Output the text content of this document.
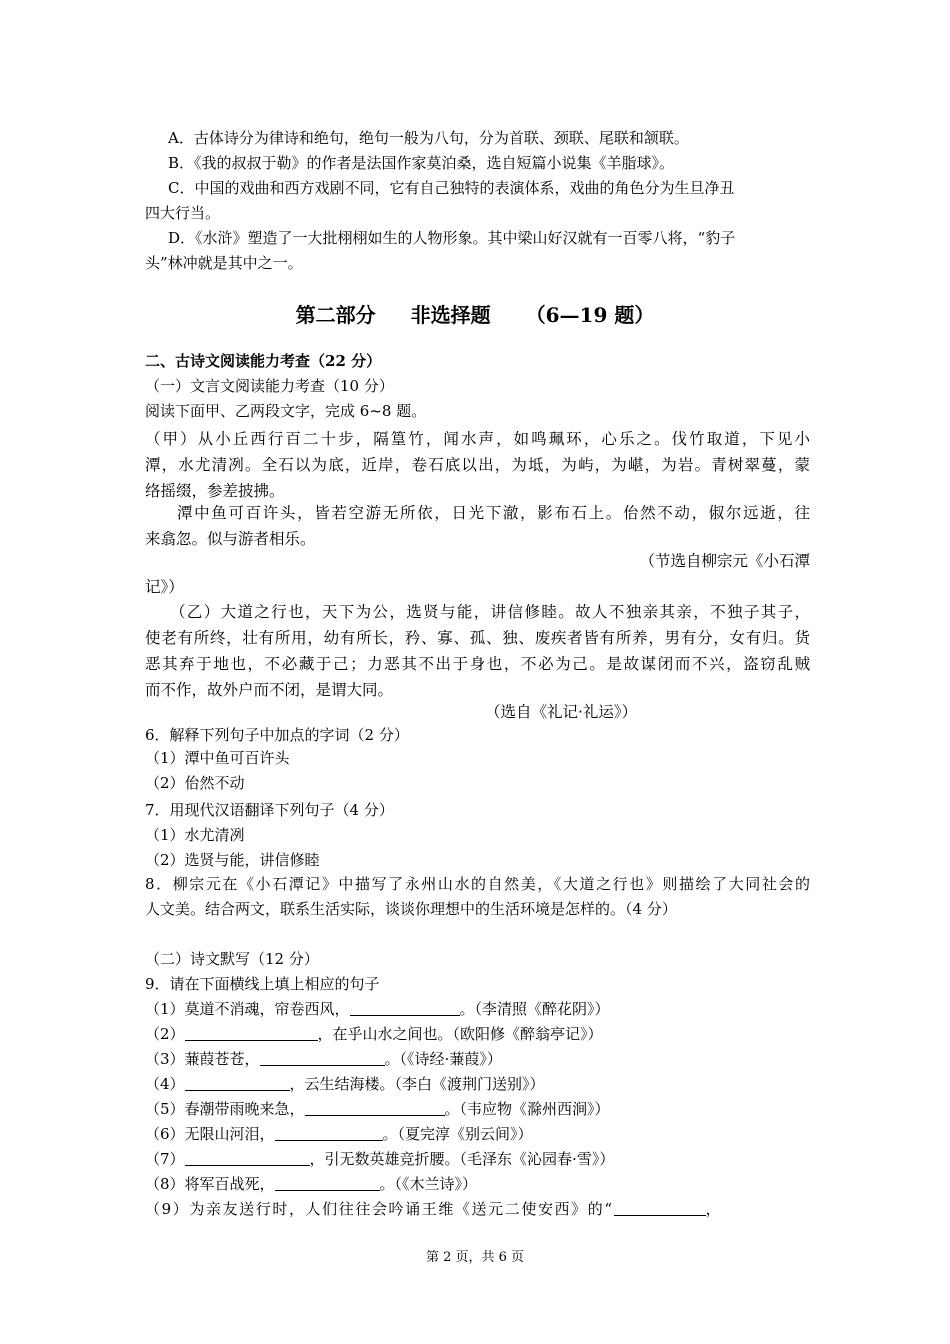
A．古体诗分为律诗和绝句，绝句一般为八句，分为首联、颈联、尾联和颔联。
B．《我的叔叔于勒》的作者是法国作家莫泊桑，选自短篇小说集《羊脂球》。
C．中国的戏曲和西方戏剧不同，它有自己独特的表演体系，戏曲的角色分为生旦净丑
四大行当。
D．《水浒》塑造了一大批栩栩如生的人物形象。其中梁山好汉就有一百零八将，“豹子
头”林冲就是其中之一。
第二部分 非选择题 （6—19 题）
二、古诗文阅读能力考查（22 分）
（一）文言文阅读能力考查（10 分）
阅读下面甲、乙两段文字，完成 6~8 题。
（甲）从小丘西行百二十步，隔篁竹，闻水声，如鸣珮环，心乐之。伐竹取道，下见小
潭，水尤清冽。全石以为底，近岸，卷石底以出，为坻，为屿，为嵁，为岩。青树翠蔓，蒙
络摇缀，参差披拂。
潭中鱼可百许头，皆若空游无所依，日光下澈，影布石上。佁然不动，俶尔远逝，往
来翕忽。似与游者相乐。
（节选自柳宗元《小石潭
记》）
（乙）大道之行也，天下为公，选贤与能，讲信修睦。故人不独亲其亲，不独子其子，
使老有所终，壮有所用，幼有所长，矜、寡、孤、独、废疾者皆有所养，男有分，女有归。货
恶其弃于地也，不必藏于己；力恶其不出于身也，不必为己。是故谋闭而不兴，盗窃乱贼
而不作，故外户而不闭，是谓大同。
（选自《礼记·礼运》）
6．解释下列句子中加点的字词（2 分）
（1）潭中鱼可百许头
（2）佁然不动
7．用现代汉语翻译下列句子（4 分）
（1）水尤清冽
（2）选贤与能，讲信修睦
8．柳宗元在《小石潭记》中描写了永州山水的自然美，《大道之行也》则描绘了大同社会的
人文美。结合两文，联系生活实际，谈谈你理想中的生活环境是怎样的。（4 分）
（二）诗文默写（12 分）
9．请在下面横线上填上相应的句子
（1）莫道不消魂，帘卷西风，	。（李清照《醉花阴》）
（2）	，在乎山水之间也。（欧阳修《醉翁亭记》）
（3）蒹葭苍苍，	。（《诗经·蒹葭》）
（4）	，云生结海楼。（李白《渡荆门送别》）
（5）春潮带雨晚来急，	。（韦应物《滁州西涧》）
（6）无限山河泪，	。（夏完淳《别云间》）
（7）	，引无数英雄竞折腰。（毛泽东《沁园春·雪》）
（8）将军百战死，	。（《木兰诗》）
（9）为亲友送行时，人们往往会吟诵王维《送元二使安西》的“	，
第 2 页，共 6 页
